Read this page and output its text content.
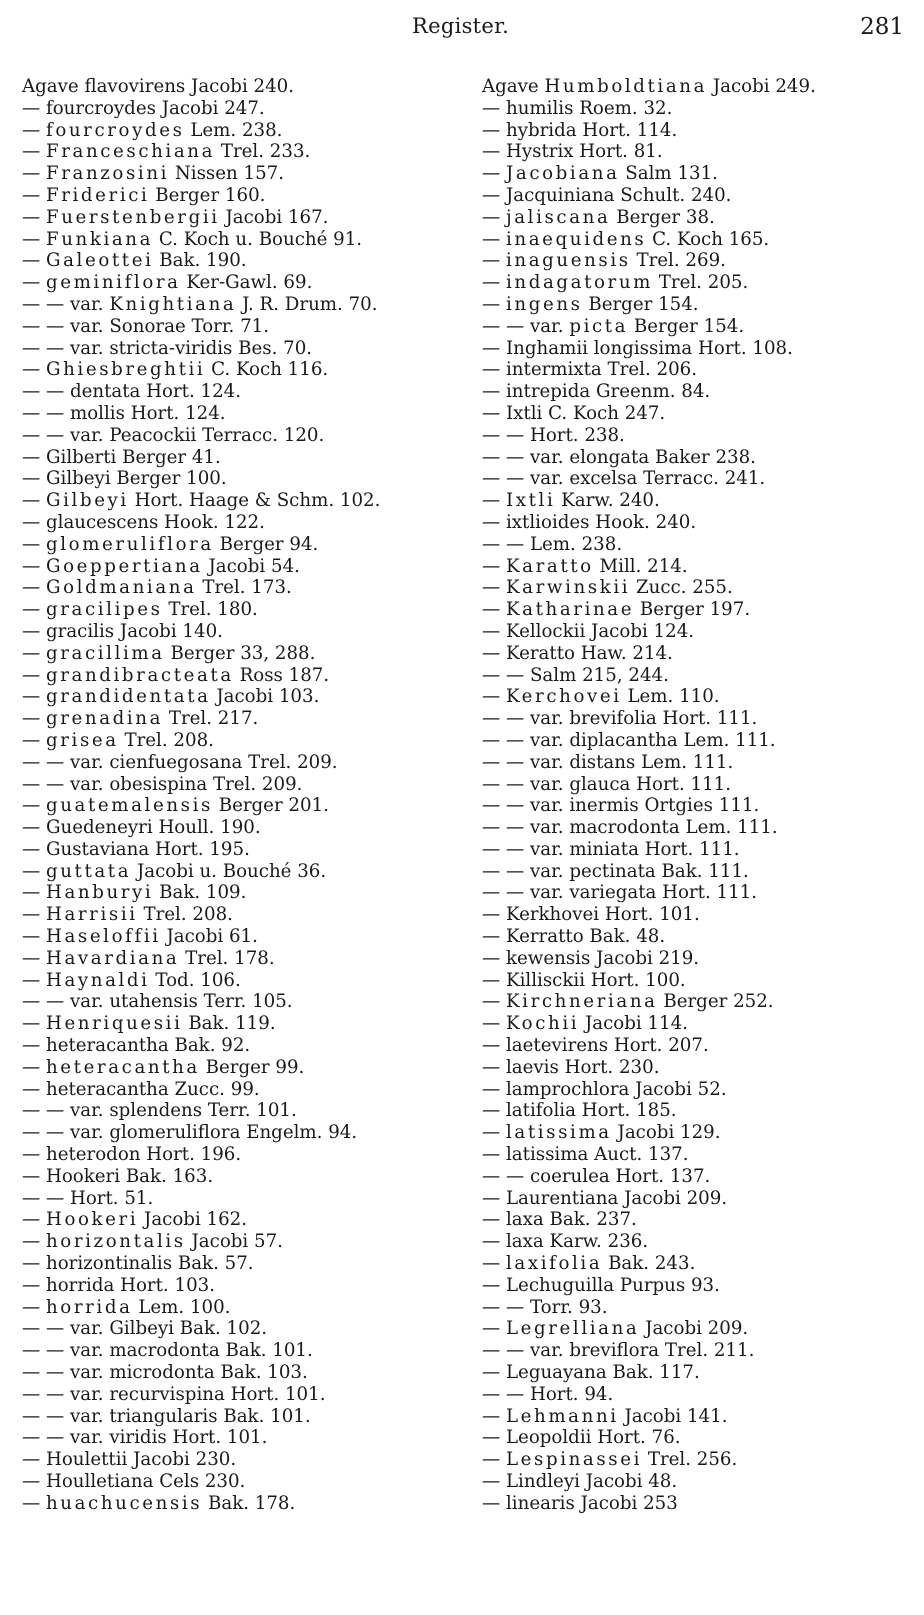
Register.	281
Agave flavovirens Jacobi 240.
— fourcroydes Jacobi 247.
— fourcroydes Lem. 238.
— Franceschiana Trel. 233.
— Franzosini Nissen 157.
— Friderici Berger 160.
— Fuerstenbergii Jacobi 167.
— Funkiana C. Koch u. Bouché 91.
— Galeottei Bak. 190.
— geminiflora Ker-Gawl. 69.
— — var. Knightiana J. R. Drum. 70.
— — var. Sonorae Torr. 71.
— — var. stricta-viridis Bes. 70.
— Ghiesbreghtii C. Koch 116.
— — dentata Hort. 124.
— — mollis Hort. 124.
— — var. Peacockii Terracc. 120.
— Gilberti Berger 41.
— Gilbeyi Berger 100.
— Gilbeyi Hort. Haage & Schm. 102.
— glaucescens Hook. 122.
— glomeruliflora Berger 94.
— Goeppertiana Jacobi 54.
— Goldmaniana Trel. 173.
— gracilipes Trel. 180.
— gracilis Jacobi 140.
— gracillima Berger 33, 288.
— grandibracteata Ross 187.
— grandidentata Jacobi 103.
— grenadina Trel. 217.
— grisea Trel. 208.
— — var. cienfuegosana Trel. 209.
— — var. obesispina Trel. 209.
— guatemalensis Berger 201.
— Guedeneyri Houll. 190.
— Gustaviana Hort. 195.
— guttata Jacobi u. Bouché 36.
— Hanburyi Bak. 109.
— Harrisii Trel. 208.
— Haseloffii Jacobi 61.
— Havardiana Trel. 178.
— Haynaldi Tod. 106.
— — var. utahensis Terr. 105.
— Henriquesii Bak. 119.
— heteracantha Bak. 92.
— heteracantha Berger 99.
— heteracantha Zucc. 99.
— — var. splendens Terr. 101.
— — var. glomeruliflora Engelm. 94.
— heterodon Hort. 196.
— Hookeri Bak. 163.
— — Hort. 51.
— Hookeri Jacobi 162.
— horizontalis Jacobi 57.
— horizontinalis Bak. 57.
— horrida Hort. 103.
— horrida Lem. 100.
— — var. Gilbeyi Bak. 102.
— — var. macrodonta Bak. 101.
— — var. microdonta Bak. 103.
— — var. recurvispina Hort. 101.
— — var. triangularis Bak. 101.
— — var. viridis Hort. 101.
— Houlettii Jacobi 230.
— Houlletiana Cels 230.
— huachucensis Bak. 178.
Agave Humboldtiana Jacobi 249.
— humilis Roem. 32.
— hybrida Hort. 114.
— Hystrix Hort. 81.
— Jacobiana Salm 131.
— Jacquiniana Schult. 240.
— jaliscana Berger 38.
— inaequidens C. Koch 165.
— inaguensis Trel. 269.
— indagatorum Trel. 205.
— ingens Berger 154.
— — var. picta Berger 154.
— Inghamii longissima Hort. 108.
— intermixta Trel. 206.
— intrepida Greenm. 84.
— Ixtli C. Koch 247.
— — Hort. 238.
— — var. elongata Baker 238.
— — var. excelsa Terracc. 241.
— Ixtli Karw. 240.
— ixtlioides Hook. 240.
— — Lem. 238.
— Karatto Mill. 214.
— Karwinskii Zucc. 255.
— Katharinae Berger 197.
— Kellockii Jacobi 124.
— Keratto Haw. 214.
— — Salm 215, 244.
— Kerchovei Lem. 110.
— — var. brevifolia Hort. 111.
— — var. diplacantha Lem. 111.
— — var. distans Lem. 111.
— — var. glauca Hort. 111.
— — var. inermis Ortgies 111.
— — var. macrodonta Lem. 111.
— — var. miniata Hort. 111.
— — var. pectinata Bak. 111.
— — var. variegata Hort. 111.
— Kerkhovei Hort. 101.
— Kerratto Bak. 48.
— kewensis Jacobi 219.
— Killisckii Hort. 100.
— Kirchneriana Berger 252.
— Kochii Jacobi 114.
— laetevirens Hort. 207.
— laevis Hort. 230.
— lamprochlora Jacobi 52.
— latifolia Hort. 185.
— latissima Jacobi 129.
— latissima Auct. 137.
— — coerulea Hort. 137.
— Laurentiana Jacobi 209.
— laxa Bak. 237.
— laxa Karw. 236.
— laxifolia Bak. 243.
— Lechuguilla Purpus 93.
— — Torr. 93.
— Legrelliana Jacobi 209.
— — var. breviflora Trel. 211.
— Leguayana Bak. 117.
— — Hort. 94.
— Lehmanni Jacobi 141.
— Leopoldii Hort. 76.
— Lespinassei Trel. 256.
— Lindleyi Jacobi 48.
— linearis Jacobi 253
